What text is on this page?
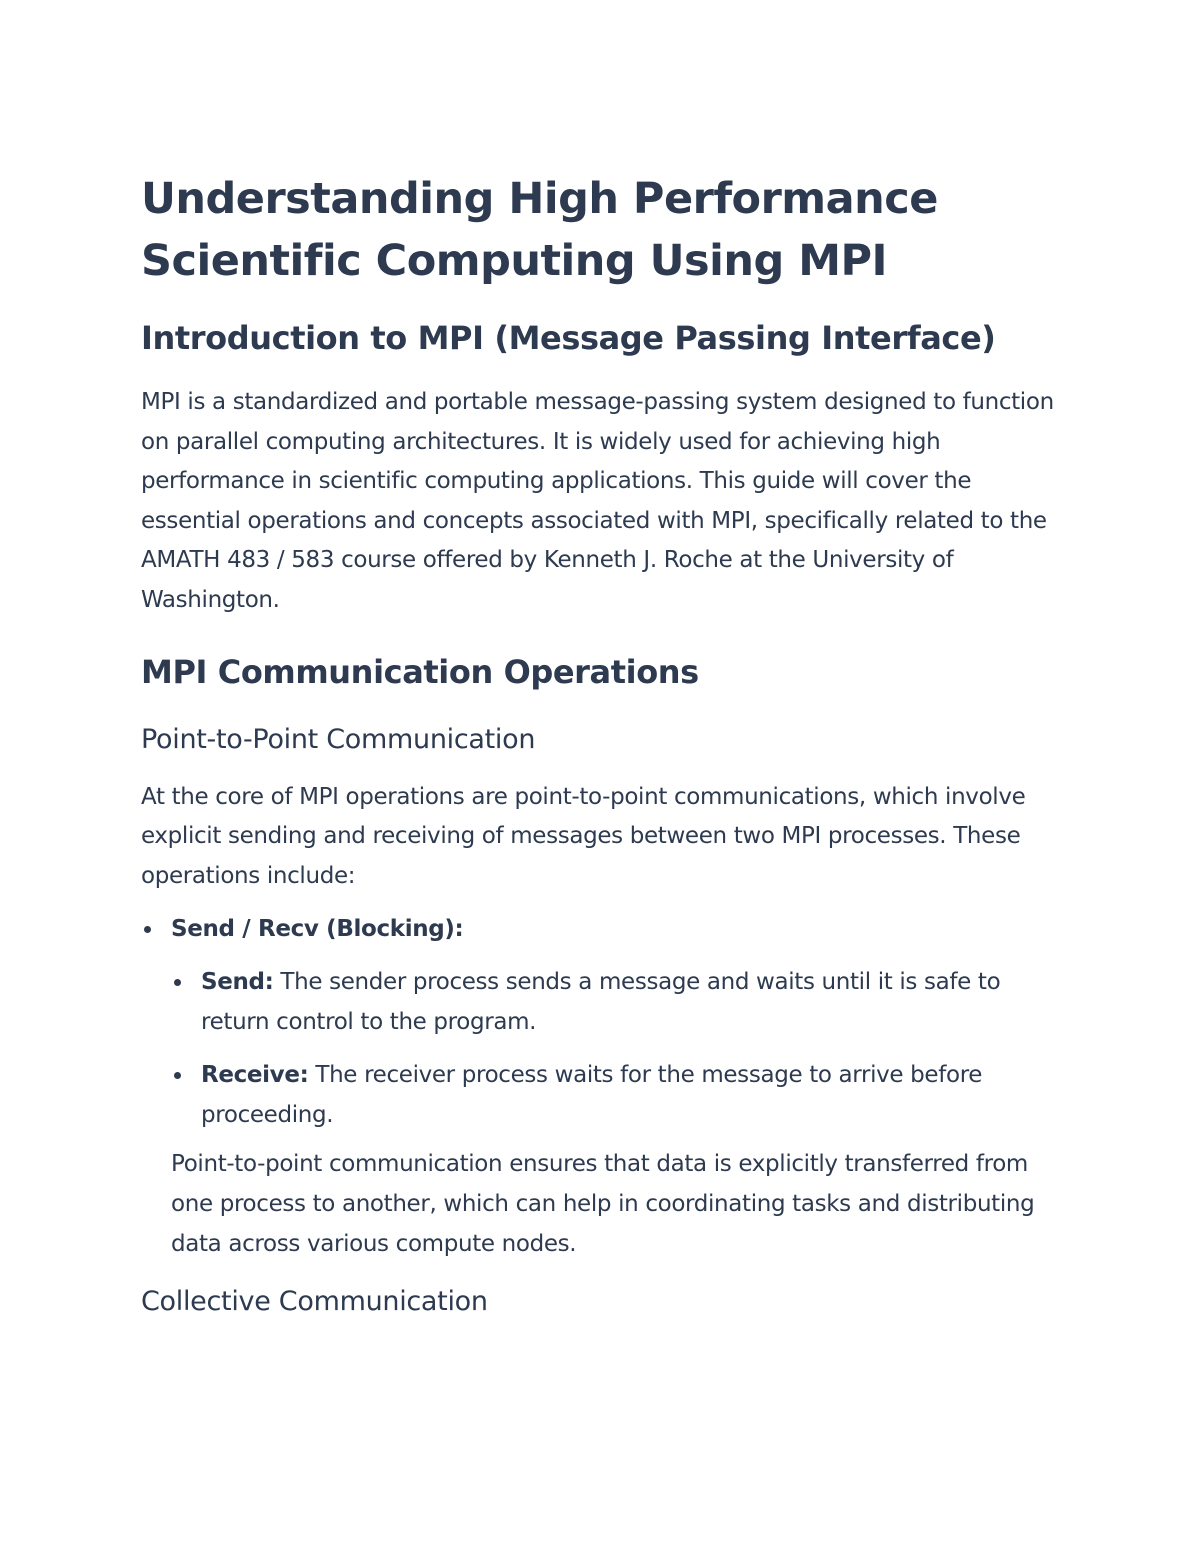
Understanding High Performance
Scientific Computing Using MPI
Introduction to MPI (Message Passing Interface)

MPI is a standardized and portable message-passing system designed to function on parallel computing architectures. It is widely used for achieving high performance in scientific computing applications. This guide will cover the essential operations and concepts associated with MPI, specifically related to the AMATH 483 / 583 course offered by Kenneth J. Roche at the University of Washington.

MPI Communication Operations
Point-to-Point Communication

At the core of MPI operations are point-to-point communications, which involve explicit sending and receiving of messages between two MPI processes. These operations include:

Send / Recv (Blocking):
Send: The sender process sends a message and waits until it is safe to return control to the program.
Receive: The receiver process waits for the message to arrive before proceeding.

Point-to-point communication ensures that data is explicitly transferred from one process to another, which can help in coordinating tasks and distributing data across various compute nodes.

Collective Communication
